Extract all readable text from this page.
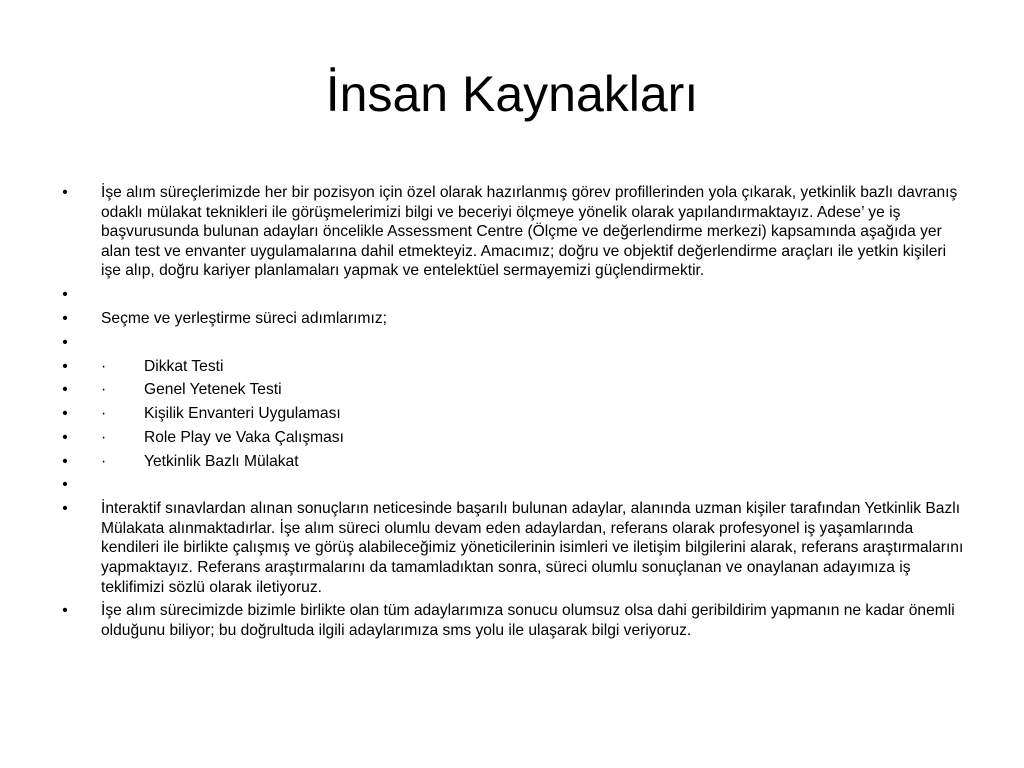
İnsan Kaynakları
• İşe alım süreçlerimizde her bir pozisyon için özel olarak hazırlanmış görev profillerinden yola çıkarak, yetkinlik bazlı davranış odaklı mülakat teknikleri ile görüşmelerimizi bilgi ve beceriyi ölçmeye yönelik olarak yapılandırmaktayız. Adese’ ye iş başvurusunda bulunan adayları öncelikle Assessment Centre (Ölçme ve değerlendirme merkezi) kapsamında aşağıda yer alan test ve envanter uygulamalarına dahil etmekteyiz. Amacımız; doğru ve objektif değerlendirme araçları ile yetkin kişileri işe alıp, doğru kariyer planlamaları yapmak ve entelektüel sermayemizi güçlendirmektir.
•
• Seçme ve yerleştirme süreci adımlarımız;
•
• · Dikkat Testi
• · Genel Yetenek Testi
• · Kişilik Envanteri Uygulaması
• · Role Play ve Vaka Çalışması
• · Yetkinlik Bazlı Mülakat
•
• İnteraktif sınavlardan alınan sonuçların neticesinde başarılı bulunan adaylar, alanında uzman kişiler tarafından Yetkinlik Bazlı Mülakata alınmaktadırlar. İşe alım süreci olumlu devam eden adaylardan, referans olarak profesyonel iş yaşamlarında kendileri ile birlikte çalışmış ve görüş alabileceğimiz yöneticilerinin isimleri ve iletişim bilgilerini alarak, referans araştırmalarını yapmaktayız. Referans araştırmalarını da tamamladıktan sonra, süreci olumlu sonuçlanan ve onaylanan adayımıza iş teklifimizi sözlü olarak iletiyoruz.
• İşe alım sürecimizde bizimle birlikte olan tüm adaylarımıza sonucu olumsuz olsa dahi geribildirim yapmanın ne kadar önemli olduğunu biliyor; bu doğrultuda ilgili adaylarımıza sms yolu ile ulaşarak bilgi veriyoruz.
